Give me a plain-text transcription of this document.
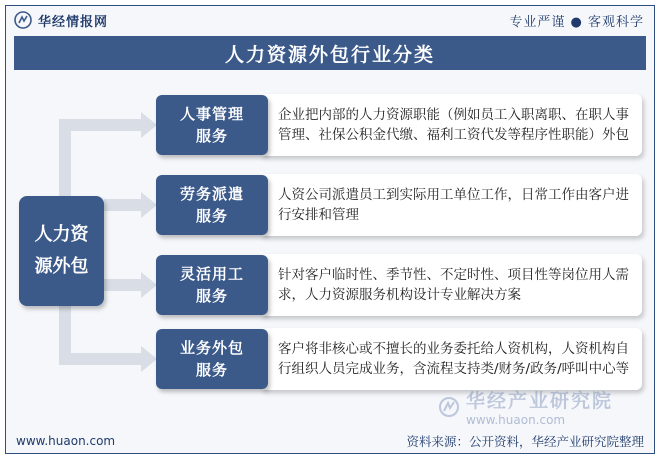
华经情报网	专业严谨 ● 客观科学
人力资源外包行业分类
人力资源外包
人事管理服务
企业把内部的人力资源职能（例如员工入职离职、在职人事管理、社保公积金代缴、福利工资代发等程序性职能）外包
劳务派遣服务
人资公司派遣员工到实际用工单位工作，日常工作由客户进行安排和管理
灵活用工服务
针对客户临时性、季节性、不定时性、项目性等岗位用人需求，人力资源服务机构设计专业解决方案
业务外包服务
客户将非核心或不擅长的业务委托给人资机构，人资机构自行组织人员完成业务，含流程支持类/财务/政务/呼叫中心等
华经产业研究院
www.huaon.com
www.huaon.com	资料来源：公开资料，华经产业研究院整理
